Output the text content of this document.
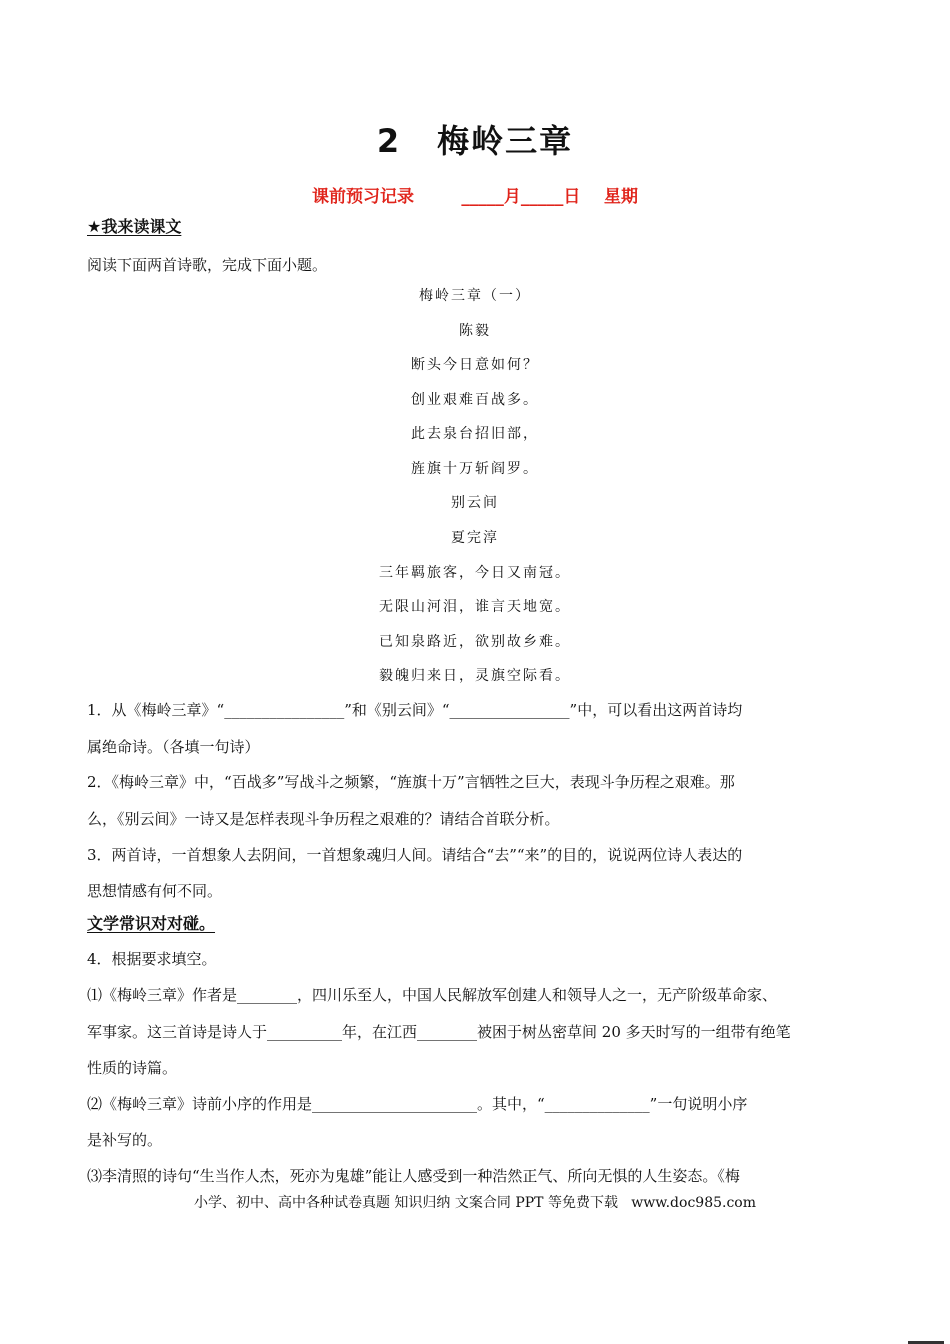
2 梅岭三章
课前预习记录        _____月_____日    星期
★我来读课文
阅读下面两首诗歌，完成下面小题。
梅岭三章（一）
陈毅
断头今日意如何？
创业艰难百战多。
此去泉台招旧部，
旌旗十万斩阎罗。
别云间
夏完淳
三年羁旅客，今日又南冠。
无限山河泪，谁言天地宽。
已知泉路近，欲别故乡难。
毅魄归来日，灵旗空际看。
1．从《梅岭三章》“________________”和《别云间》“________________”中，可以看出这两首诗均
属绝命诗。（各填一句诗）
2．《梅岭三章》中，“百战多”写战斗之频繁，“旌旗十万”言牺牲之巨大，表现斗争历程之艰难。那
么，《别云间》一诗又是怎样表现斗争历程之艰难的？请结合首联分析。
3．两首诗，一首想象人去阴间，一首想象魂归人间。请结合“去”“来”的目的，说说两位诗人表达的
思想情感有何不同。
文学常识对对碰。
4．根据要求填空。
⑴《梅岭三章》作者是________，四川乐至人，中国人民解放军创建人和领导人之一，无产阶级革命家、
军事家。这三首诗是诗人于__________年，在江西________被困于树丛密草间 20 多天时写的一组带有绝笔
性质的诗篇。
⑵《梅岭三章》诗前小序的作用是______________________。其中，“______________”一句说明小序
是补写的。
⑶李清照的诗句“生当作人杰，死亦为鬼雄”能让人感受到一种浩然正气、所向无惧的人生姿态。《梅
小学、初中、高中各种试卷真题 知识归纳 文案合同 PPT 等免费下载   www.doc985.com
